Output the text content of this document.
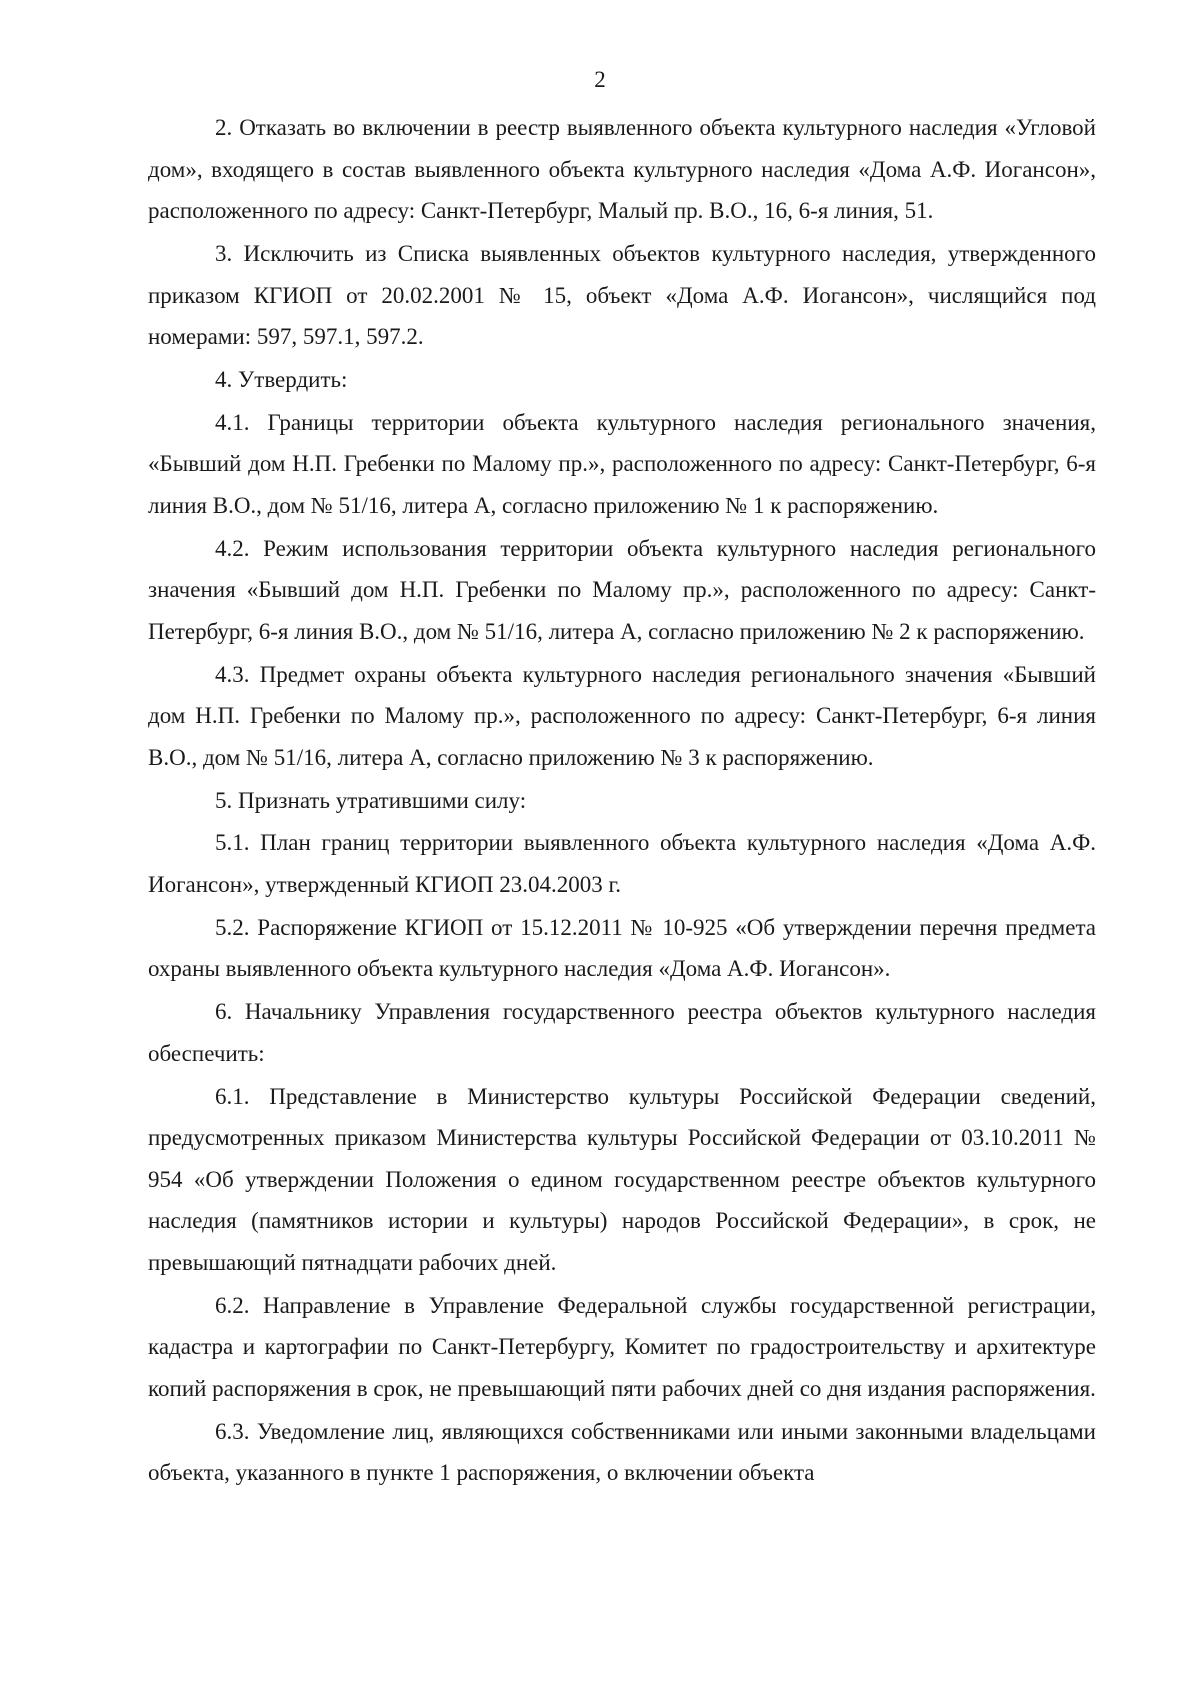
2

2. Отказать во включении в реестр выявленного объекта культурного наследия «Угловой дом», входящего в состав выявленного объекта культурного наследия «Дома А.Ф. Иогансон», расположенного по адресу: Санкт-Петербург, Малый пр. В.О., 16, 6-я линия, 51.

3. Исключить из Списка выявленных объектов культурного наследия, утвержденного приказом КГИОП от 20.02.2001 № 15, объект «Дома А.Ф. Иогансон», числящийся под номерами: 597, 597.1, 597.2.

4. Утвердить:

4.1. Границы территории объекта культурного наследия регионального значения, «Бывший дом Н.П. Гребенки по Малому пр.», расположенного по адресу: Санкт-Петербург, 6-я линия В.О., дом № 51/16, литера А, согласно приложению № 1 к распоряжению.

4.2. Режим использования территории объекта культурного наследия регионального значения «Бывший дом Н.П. Гребенки по Малому пр.», расположенного по адресу: Санкт-Петербург, 6-я линия В.О., дом № 51/16, литера А, согласно приложению № 2 к распоряжению.

4.3. Предмет охраны объекта культурного наследия регионального значения «Бывший дом Н.П. Гребенки по Малому пр.», расположенного по адресу: Санкт-Петербург, 6-я линия В.О., дом № 51/16, литера А, согласно приложению № 3 к распоряжению.

5. Признать утратившими силу:

5.1. План границ территории выявленного объекта культурного наследия «Дома А.Ф. Иогансон», утвержденный КГИОП 23.04.2003 г.

5.2. Распоряжение КГИОП от 15.12.2011 № 10-925 «Об утверждении перечня предмета охраны выявленного объекта культурного наследия «Дома А.Ф. Иогансон».

6. Начальнику Управления государственного реестра объектов культурного наследия обеспечить:

6.1. Представление в Министерство культуры Российской Федерации сведений, предусмотренных приказом Министерства культуры Российской Федерации от 03.10.2011 № 954 «Об утверждении Положения о едином государственном реестре объектов культурного наследия (памятников истории и культуры) народов Российской Федерации», в срок, не превышающий пятнадцати рабочих дней.

6.2. Направление в Управление Федеральной службы государственной регистрации, кадастра и картографии по Санкт-Петербургу, Комитет по градостроительству и архитектуре копий распоряжения в срок, не превышающий пяти рабочих дней со дня издания распоряжения.

6.3. Уведомление лиц, являющихся собственниками или иными законными владельцами объекта, указанного в пункте 1 распоряжения, о включении объекта
